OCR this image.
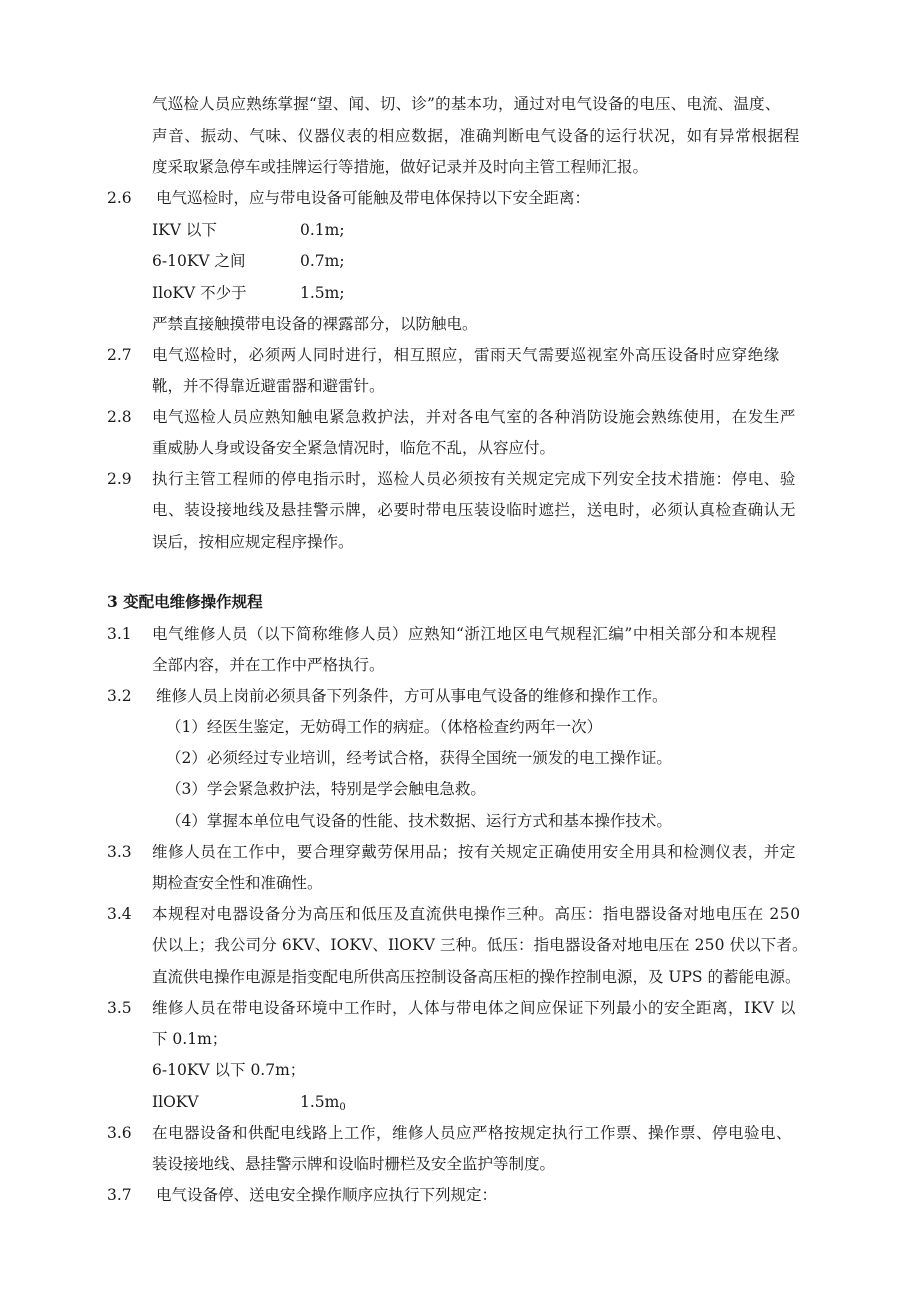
气巡检人员应熟练掌握“望、闻、切、诊”的基本功，通过对电气设备的电压、电流、温度、
声音、振动、气味、仪器仪表的相应数据，准确判断电气设备的运行状况，如有异常根据程
度采取紧急停车或挂牌运行等措施，做好记录并及时向主管工程师汇报。
2.6 电气巡检时，应与带电设备可能触及带电体保持以下安全距离：
IKV 以下	0.1m;
6-10KV 之间	0.7m;
IloKV 不少于	1.5m;
严禁直接触摸带电设备的裸露部分，以防触电。
2.7 电气巡检时，必须两人同时进行，相互照应，雷雨天气需要巡视室外高压设备时应穿绝缘
靴，并不得靠近避雷器和避雷针。
2.8 电气巡检人员应熟知触电紧急救护法，并对各电气室的各种消防设施会熟练使用，在发生严
重威胁人身或设备安全紧急情况时，临危不乱，从容应付。
2.9 执行主管工程师的停电指示时，巡检人员必须按有关规定完成下列安全技术措施：停电、验
电、装设接地线及悬挂警示牌，必要时带电压装设临时遮拦，送电时，必须认真检查确认无
误后，按相应规定程序操作。
3 变配电维修操作规程
3.1 电气维修人员（以下简称维修人员）应熟知“浙江地区电气规程汇编”中相关部分和本规程
全部内容，并在工作中严格执行。
3.2 维修人员上岗前必须具备下列条件，方可从事电气设备的维修和操作工作。
（1）经医生鉴定，无妨碍工作的病症。（体格检查约两年一次）
（2）必须经过专业培训，经考试合格，获得全国统一颁发的电工操作证。
（3）学会紧急救护法，特别是学会触电急救。
（4）掌握本单位电气设备的性能、技术数据、运行方式和基本操作技术。
3.3 维修人员在工作中，要合理穿戴劳保用品；按有关规定正确使用安全用具和检测仪表，并定
期检查安全性和准确性。
3.4 本规程对电器设备分为高压和低压及直流供电操作三种。高压：指电器设备对地电压在 250
伏以上；我公司分 6KV、IOKV、IlOKV 三种。低压：指电器设备对地电压在 250 伏以下者。
直流供电操作电源是指变配电所供高压控制设备高压柜的操作控制电源，及 UPS 的蓄能电源。
3.5 维修人员在带电设备环境中工作时，人体与带电体之间应保证下列最小的安全距离，IKV 以
下 0.1m；
6-10KV 以下 0.7m；
IlOKV	$1.5m_0$
3.6 在电器设备和供配电线路上工作，维修人员应严格按规定执行工作票、操作票、停电验电、
装设接地线、悬挂警示牌和设临时栅栏及安全监护等制度。
3.7 电气设备停、送电安全操作顺序应执行下列规定：
